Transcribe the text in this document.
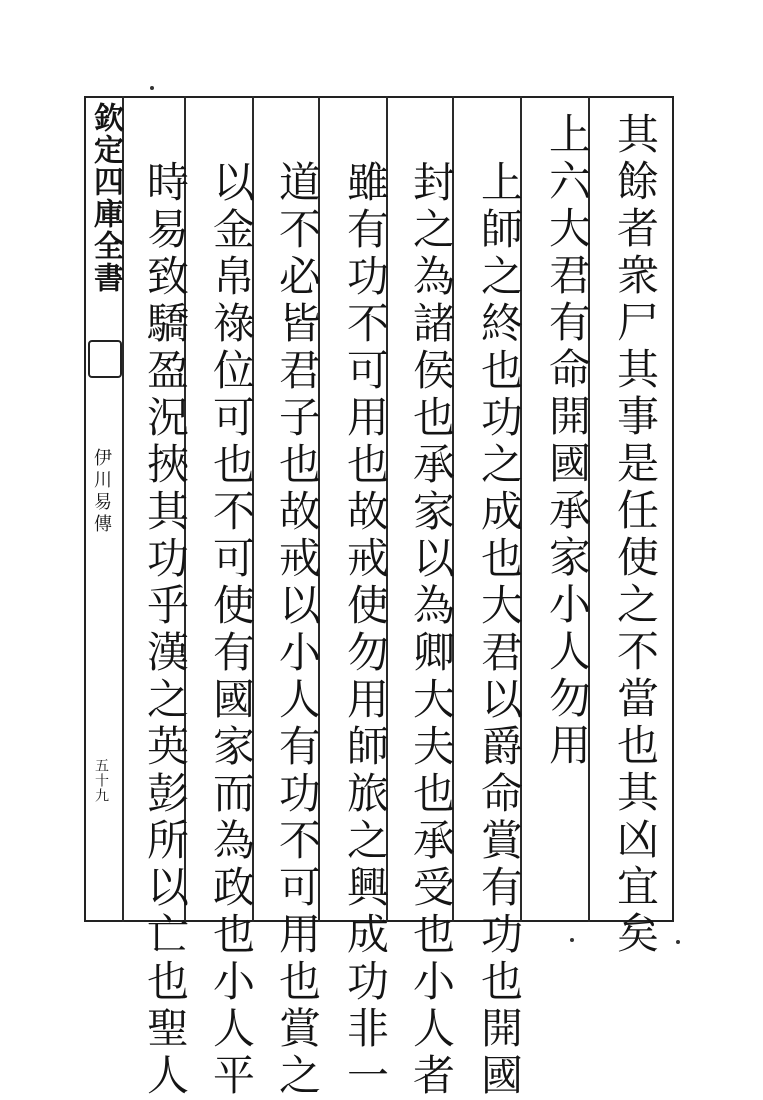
欽定四庫全書
伊川易傳
五十九	其餘者衆尸其事是任使之不當也其凶宜矣
上六大君有命開國承家小人勿用
上師之終也功之成也大君以爵命賞有功也開國
封之為諸侯也承家以為卿大夫也承受也小人者
雖有功不可用也故戒使勿用師旅之興成功非一
道不必皆君子也故戒以小人有功不可用也賞之
以金帛祿位可也不可使有國家而為政也小人平
時易致驕盈況挾其功乎漢之英彭所以亡也聖人
